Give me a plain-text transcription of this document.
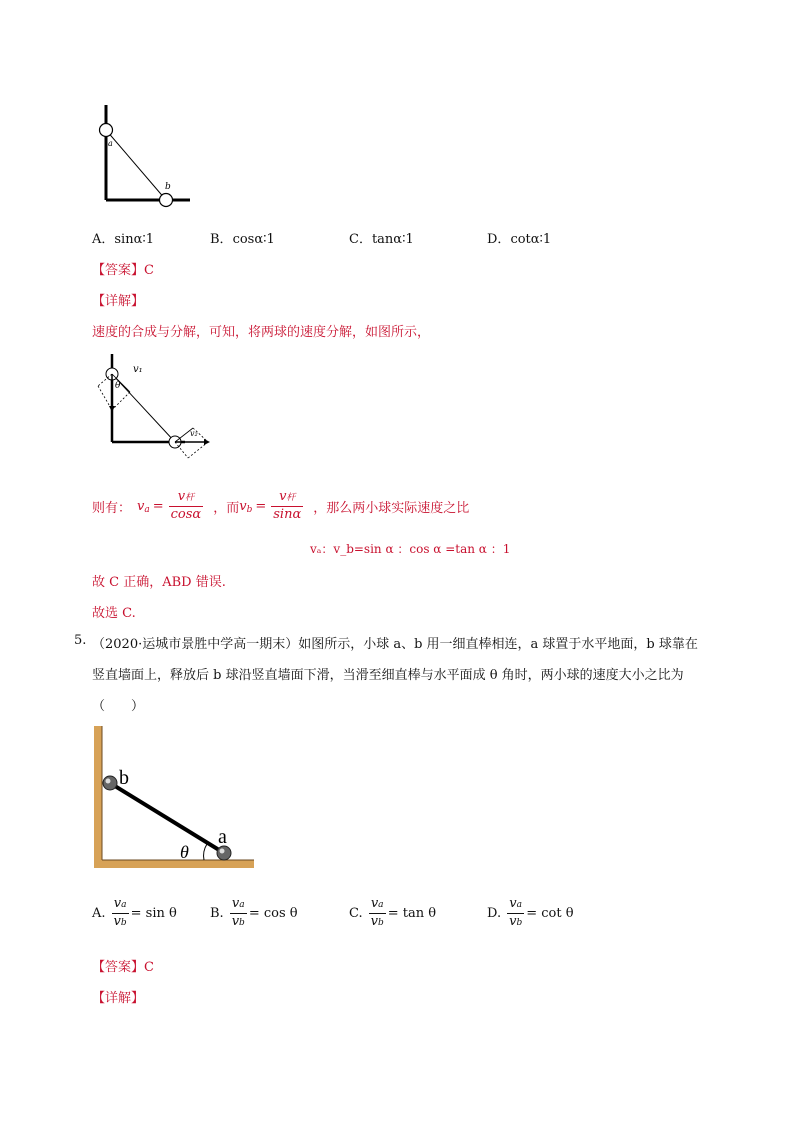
a
b
A．sinα∶1	B．cosα∶1	C．tanα∶1	D．cotα∶1
【答案】C
【详解】
速度的合成与分解，可知，将两球的速度分解，如图所示，
v₁
θ
v₂
则有： v $a = \frac{\text{v杆}}{\cos\alpha}$ ，而 v $b = \frac{\text{v杆}}{\sin\alpha}$ ，那么两小球实际速度之比
vₐ：v_b=sin α ：cos α =tan α ：1
故 C 正确，ABD 错误.
故选 C.
5. （2020·运城市景胜中学高一期末）如图所示，小球 a、b 用一细直棒相连，a 球置于水平地面，b 球靠在
竖直墙面上，释放后 b 球沿竖直墙面下滑，当滑至细直棒与水平面成 θ 角时，两小球的速度大小之比为
（　　）
b
a
θ
A. $\frac{va}{vb} = \sin \theta$	B. $\frac{va}{vb} = \cos \theta$	C. $\frac{va}{vb} = \tan \theta$	D. $\frac{va}{vb} = \cot \theta$
【答案】C
【详解】
